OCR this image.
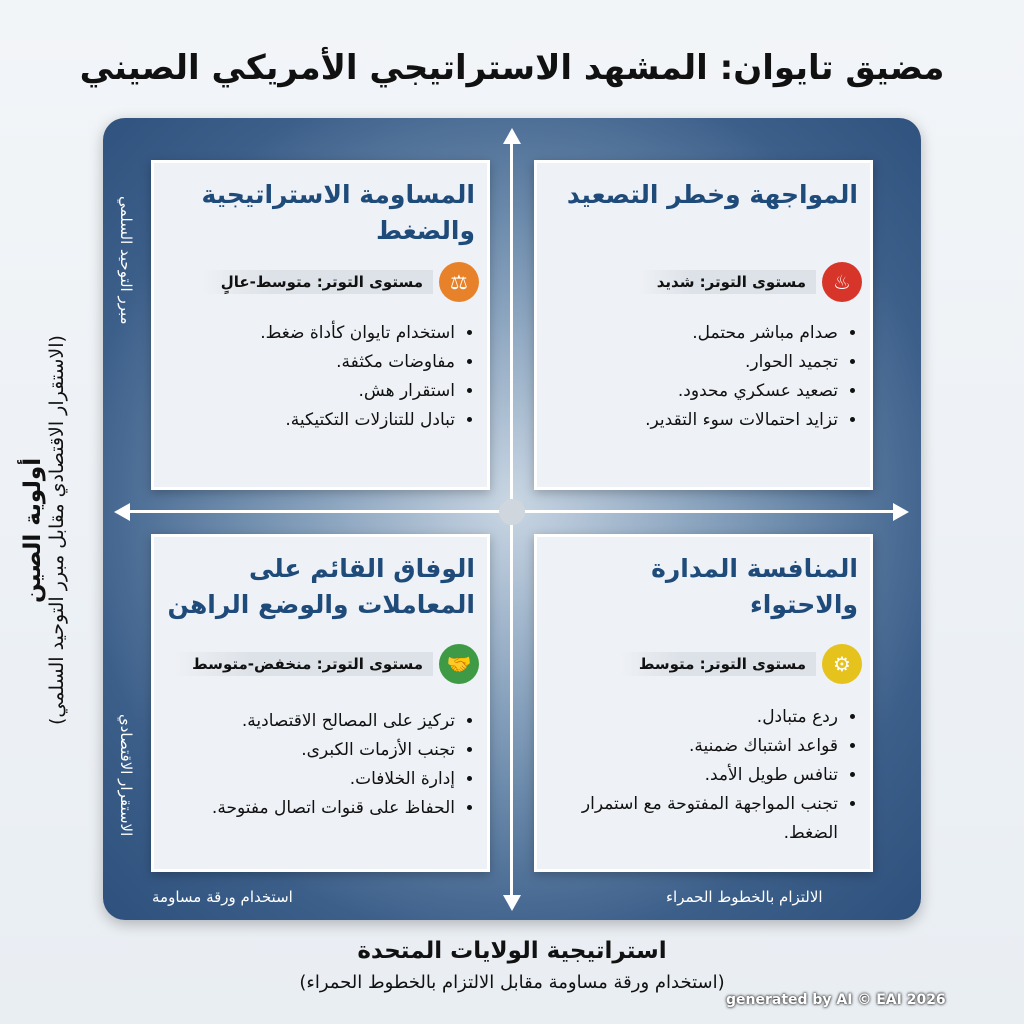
مضيق تايوان: المشهد الاستراتيجي الأمريكي الصيني
مبرر التوحيد السلمي
الاستقرار الاقتصادي
استخدام ورقة مساومة	الالتزام بالخطوط الحمراء
المساومة الاستراتيجية والضغط
⚖
مستوى التوتر: متوسط-عالٍ
• استخدام تايوان كأداة ضغط.
• مفاوضات مكثفة.
• استقرار هش.
• تبادل للتنازلات التكتيكية.
المواجهة وخطر التصعيد
♨
مستوى التوتر: شديد
• صدام مباشر محتمل.
• تجميد الحوار.
• تصعيد عسكري محدود.
• تزايد احتمالات سوء التقدير.
الوفاق القائم على المعاملات والوضع الراهن
🤝
مستوى التوتر: منخفض-متوسط
• تركيز على المصالح الاقتصادية.
• تجنب الأزمات الكبرى.
• إدارة الخلافات.
• الحفاظ على قنوات اتصال مفتوحة.
المنافسة المدارة والاحتواء
⚙
مستوى التوتر: متوسط
• ردع متبادل.
• قواعد اشتباك ضمنية.
• تنافس طويل الأمد.
• تجنب المواجهة المفتوحة مع استمرار الضغط.
أولوية الصين (الاستقرار الاقتصادي مقابل مبرر التوحيد السلمي)
استراتيجية الولايات المتحدة
(استخدام ورقة مساومة مقابل الالتزام بالخطوط الحمراء)
generated by AI © EAI 2026
